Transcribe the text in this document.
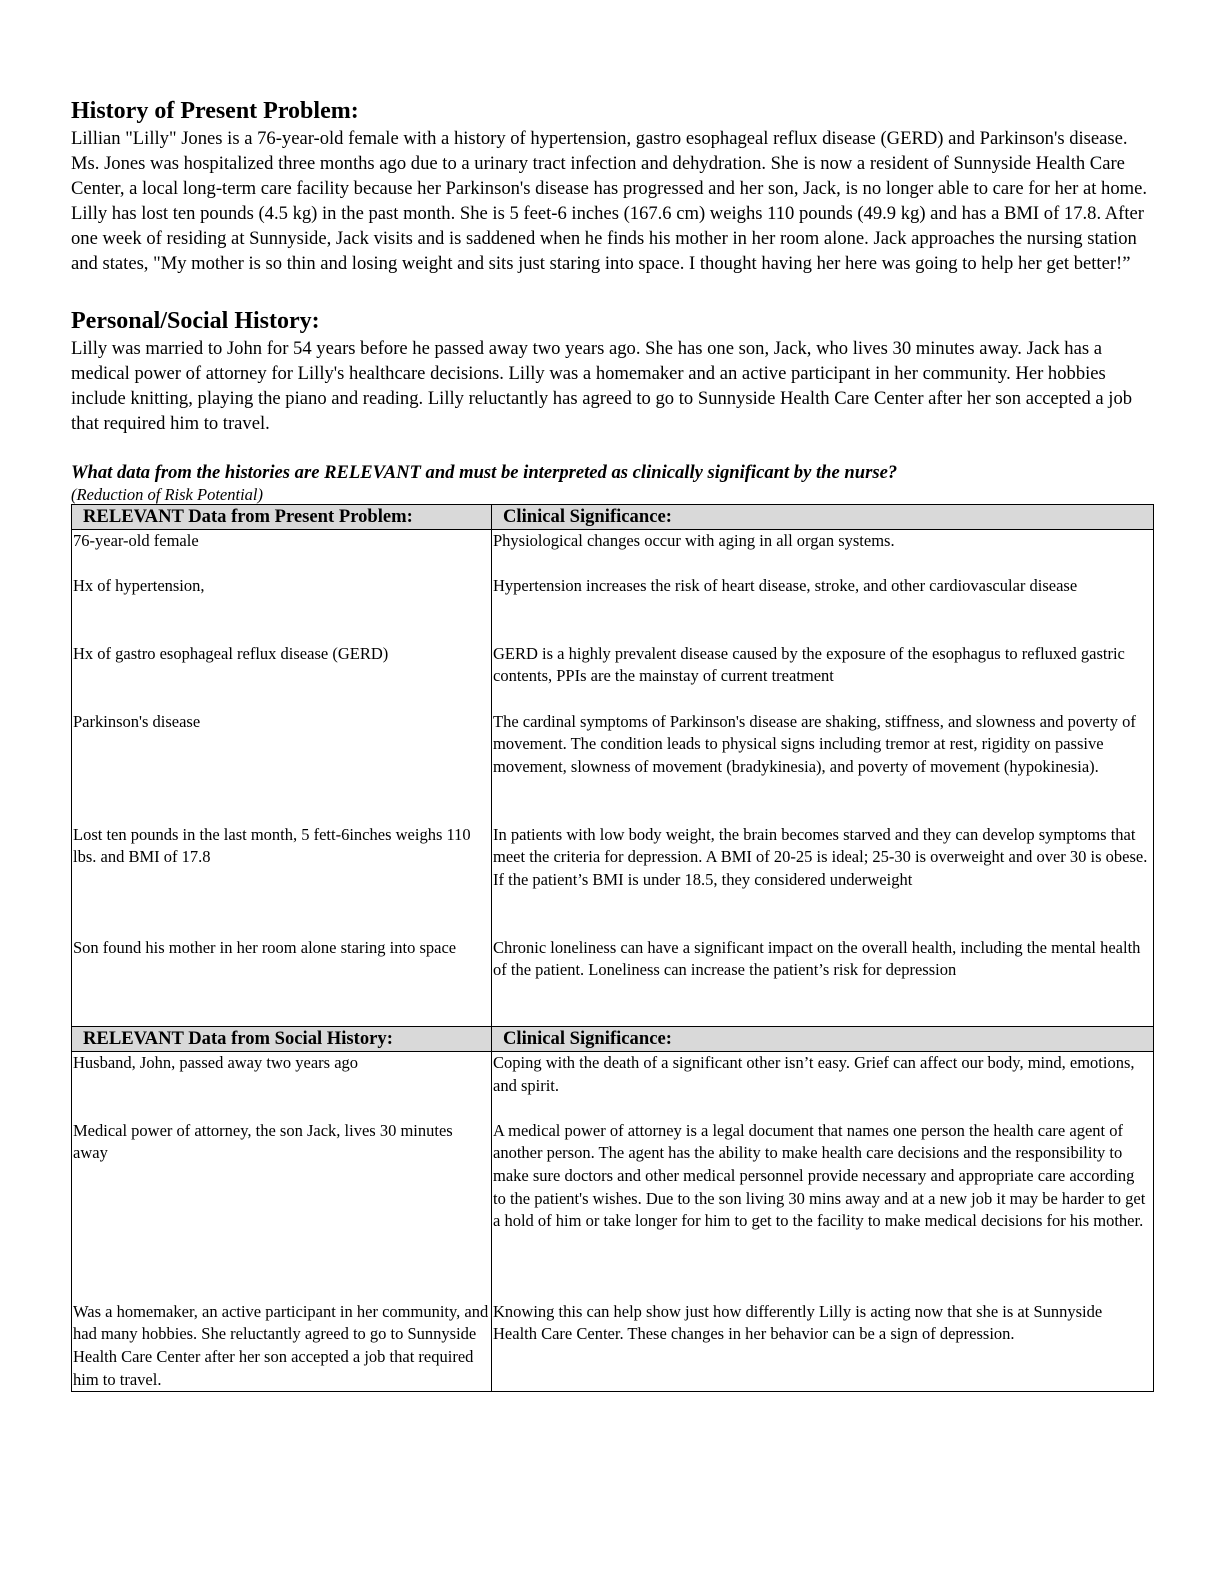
History of Present Problem:

Lillian "Lilly" Jones is a 76-year-old female with a history of hypertension, gastro esophageal reflux disease (GERD) and Parkinson's disease. Ms. Jones was hospitalized three months ago due to a urinary tract infection and dehydration. She is now a resident of Sunnyside Health Care Center, a local long-term care facility because her Parkinson's disease has progressed and her son, Jack, is no longer able to care for her at home. Lilly has lost ten pounds (4.5 kg) in the past month. She is 5 feet-6 inches (167.6 cm) weighs 110 pounds (49.9 kg) and has a BMI of 17.8. After one week of residing at Sunnyside, Jack visits and is saddened when he finds his mother in her room alone. Jack approaches the nursing station and states, "My mother is so thin and losing weight and sits just staring into space. I thought having her here was going to help her get better!”

Personal/Social History:

Lilly was married to John for 54 years before he passed away two years ago. She has one son, Jack, who lives 30 minutes away. Jack has a medical power of attorney for Lilly's healthcare decisions. Lilly was a homemaker and an active participant in her community. Her hobbies include knitting, playing the piano and reading. Lilly reluctantly has agreed to go to Sunnyside Health Care Center after her son accepted a job that required him to travel.

What data from the histories are RELEVANT and must be interpreted as clinically significant by the nurse?

(Reduction of Risk Potential)

RELEVANT Data from Present Problem:	Clinical Significance:
76-year-old female	Physiological changes occur with aging in all organ systems.
Hx of hypertension,	Hypertension increases the risk of heart disease, stroke, and other cardiovascular disease
Hx of gastro esophageal reflux disease (GERD)	GERD is a highly prevalent disease caused by the exposure of the esophagus to refluxed gastric contents, PPIs are the mainstay of current treatment
Parkinson's disease	The cardinal symptoms of Parkinson's disease are shaking, stiffness, and slowness and poverty of movement. The condition leads to physical signs including tremor at rest, rigidity on passive movement, slowness of movement (bradykinesia), and poverty of movement (hypokinesia).
Lost ten pounds in the last month, 5 fett-6inches weighs 110 lbs. and BMI of 17.8	In patients with low body weight, the brain becomes starved and they can develop symptoms that meet the criteria for depression. A BMI of 20-25 is ideal; 25-30 is overweight and over 30 is obese. If the patient’s BMI is under 18.5, they considered underweight
Son found his mother in her room alone staring into space	Chronic loneliness can have a significant impact on the overall health, including the mental health of the patient. Loneliness can increase the patient’s risk for depression
RELEVANT Data from Social History:	Clinical Significance:
Husband, John, passed away two years ago	Coping with the death of a significant other isn’t easy. Grief can affect our body, mind, emotions, and spirit.
Medical power of attorney, the son Jack, lives 30 minutes away	A medical power of attorney is a legal document that names one person the health care agent of another person. The agent has the ability to make health care decisions and the responsibility to make sure doctors and other medical personnel provide necessary and appropriate care according to the patient's wishes. Due to the son living 30 mins away and at a new job it may be harder to get a hold of him or take longer for him to get to the facility to make medical decisions for his mother.
Was a homemaker, an active participant in her community, and had many hobbies. She reluctantly agreed to go to Sunnyside Health Care Center after her son accepted a job that required him to travel.	Knowing this can help show just how differently Lilly is acting now that she is at Sunnyside Health Care Center. These changes in her behavior can be a sign of depression.
